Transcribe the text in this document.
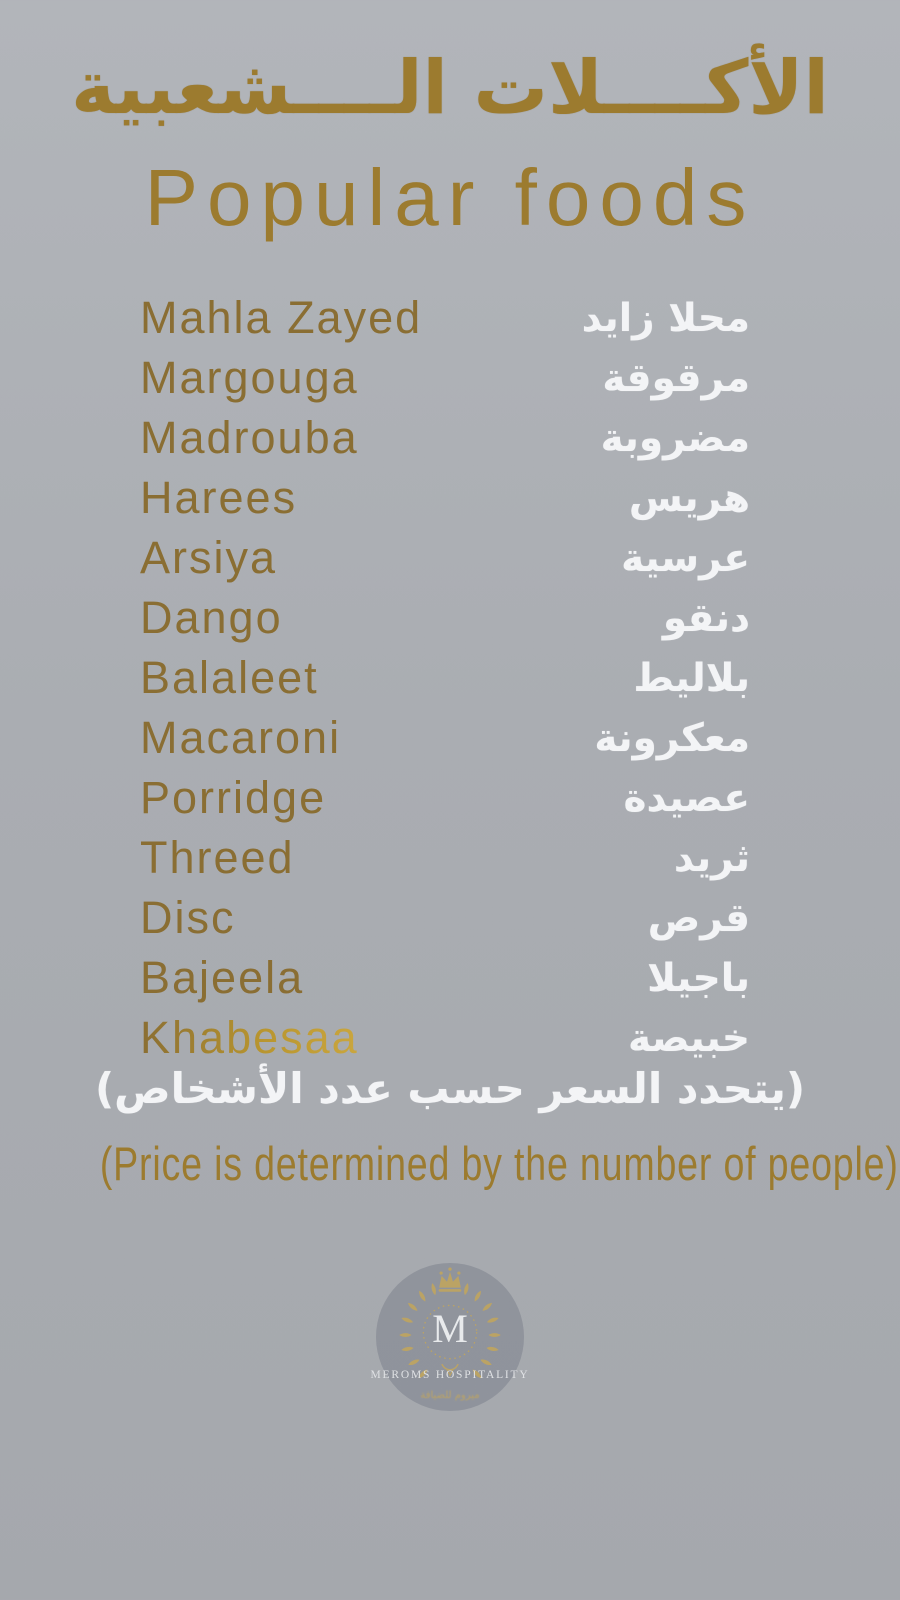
الأكــــلات الــــشعبية
Popular foods
Mahla Zayed	محلا زايد
Margouga	مرقوقة
Madrouba	مضروبة
Harees	هريس
Arsiya	عرسية
Dango	دنقو
Balaleet	بلاليط
Macaroni	معكرونة
Porridge	عصيدة
Threed	ثريد
Disc	قرص
Bajeela	باجيلا
Khabesaa	خبيصة
(يتحدد السعر حسب عدد الأشخاص)
(Price is determined by the number of people)
M
MEROMS HOSPITALITY
ميروم للضيافة
